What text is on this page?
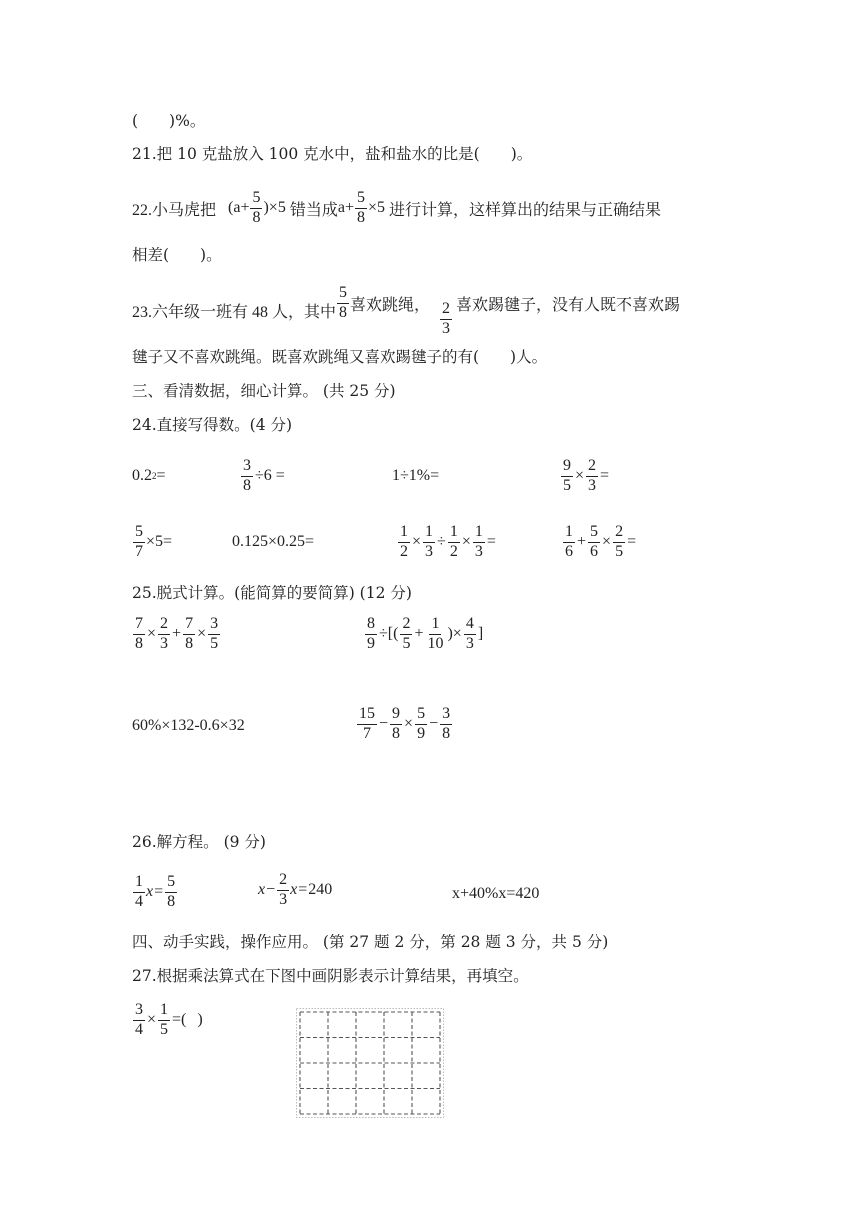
(　　)%。
21.把 10 克盐放入 100 克水中，盐和盐水的比是(　　)。
22.小马虎把 $(a+ \frac{5}{8} )\times 5$ 错当成 $a+ \frac{5}{8} \times 5$ 进行计算，这样算出的结果与正确结果
相差(　　)。
23.六年级一班有 48 人，其中 $\frac{5}{8}$ 喜欢跳绳， $\frac{2}{3}$ 喜欢踢毽子，没有人既不喜欢踢
毽子又不喜欢跳绳。既喜欢跳绳又喜欢踢毽子的有(　　)人。
三、看清数据，细心计算。 (共 25 分)
24.直接写得数。(4 分)
0.2 2 =	$\frac{3}{8} \div 6$ =	1÷1%=	$\frac{9}{5} \times \frac{2}{3}$ =
$\frac{5}{7} \times 5=$	0.125×0.25=	$\frac{1}{2} \times \frac{1}{3} \div \frac{1}{2} \times \frac{1}{3}$ =	$\frac{1}{6} + \frac{5}{6} \times \frac{2}{5}$ =
25.脱式计算。(能简算的要简算) (12 分)
$\frac{7}{8} \times \frac{2}{3} + \frac{7}{8} \times \frac{3}{5}$	$\frac{8}{9}$ ÷[( $\frac{2}{5} + \frac{1}{10}$ )× $\frac{4}{3}$ ]
60%×132-0.6×32	$\frac{15}{7} - \frac{9}{8} \times \frac{5}{9} - \frac{3}{8}$
26.解方程。 (9 分)
$\frac{1}{4}$ $x = \frac{5}{8}$	$x - \frac{2}{3}$ x = 240	x+40%x=420
四、动手实践，操作应用。 (第 27 题 2 分，第 28 题 3 分，共 5 分)
27.根据乘法算式在下图中画阴影表示计算结果，再填空。
$\frac{3}{4} \times \frac{1}{5}$ =( )
